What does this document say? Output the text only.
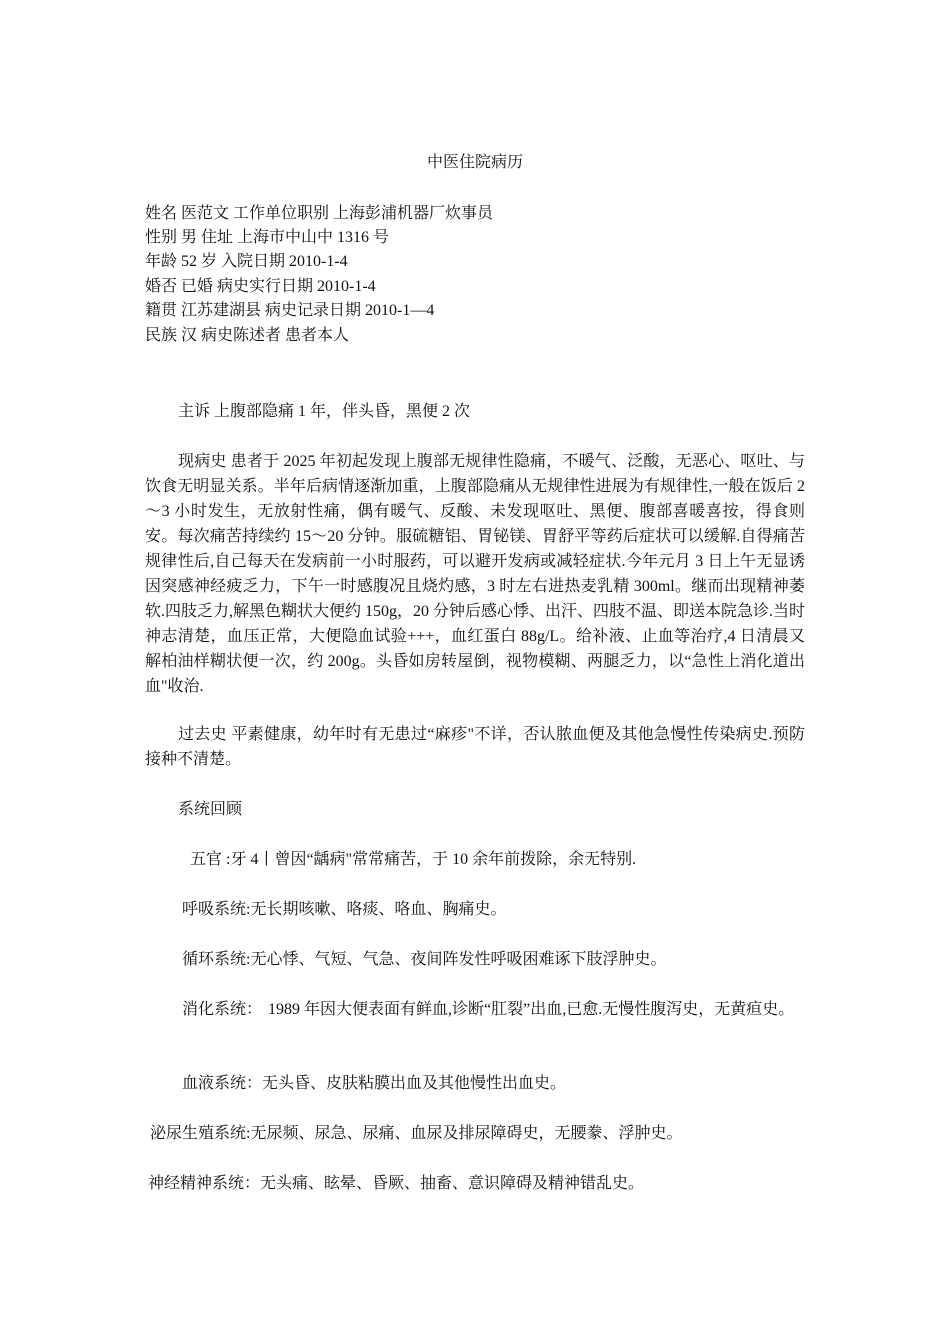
中医住院病历
姓名 医范文 工作单位职别 上海彭浦机器厂炊事员
性别 男 住址 上海市中山中 1316 号
年龄 52 岁 入院日期 2010-1-4
婚否 已婚 病史实行日期 2010-1-4
籍贯 江苏建湖县 病史记录日期 2010-1—4
民族 汉 病史陈述者 患者本人
主诉 上腹部隐痛 1 年，伴头昏，黑便 2 次
现病史 患者于 2025 年初起发现上腹部无规律性隐痛，不暖气、泛酸，无恶心、呕吐、与饮食无明显关系。半年后病情逐渐加重，上腹部隐痛从无规律性进展为有规律性,一般在饭后 2～3 小时发生，无放射性痛，偶有暖气、反酸、未发现呕吐、黑便、腹部喜暖喜按，得食则安。每次痛苦持续约 15～20 分钟。服硫糖铝、胃铋镁、胃舒平等药后症状可以缓解.自得痛苦规律性后,自己每天在发病前一小时服药，可以避开发病或减轻症状.今年元月 3 日上午无显诱因突感神经疲乏力，下午一时感腹况且烧灼感，3 时左右进热麦乳精 300ml。继而出现精神萎软.四肢乏力,解黑色糊状大便约 150g，20 分钟后感心悸、出汗、四肢不温、即送本院急诊.当时神志清楚，血压正常，大便隐血试验+++，血红蛋白 88g/L。给补液、止血等治疗,4 日清晨又解柏油样糊状便一次，约 200g。头昏如房转屋倒，视物模糊、两腿乏力，以“急性上消化道出血"收治.
过去史 平素健康，幼年时有无患过“麻疹"不详，否认脓血便及其他急慢性传染病史.预防接种不清楚。
系统回顾
五官 :牙 4丨曾因“龋病"常常痛苦，于 10 余年前拨除，余无特别.
呼吸系统:无长期咳嗽、咯痰、咯血、胸痛史。
循环系统:无心悸、气短、气急、夜间阵发性呼吸困难诼下肢浮肿史。
消化系统： 1989 年因大便表面有鲜血,诊断“肛裂”出血,已愈.无慢性腹泻史，无黄疸史。
血液系统：无头昏、皮肤粘膜出血及其他慢性出血史。
泌尿生殖系统:无尿频、尿急、尿痛、血尿及排尿障碍史，无腰豢、浮肿史。
神经精神系统：无头痛、眩晕、昏厥、抽畜、意识障碍及精神错乱史。
